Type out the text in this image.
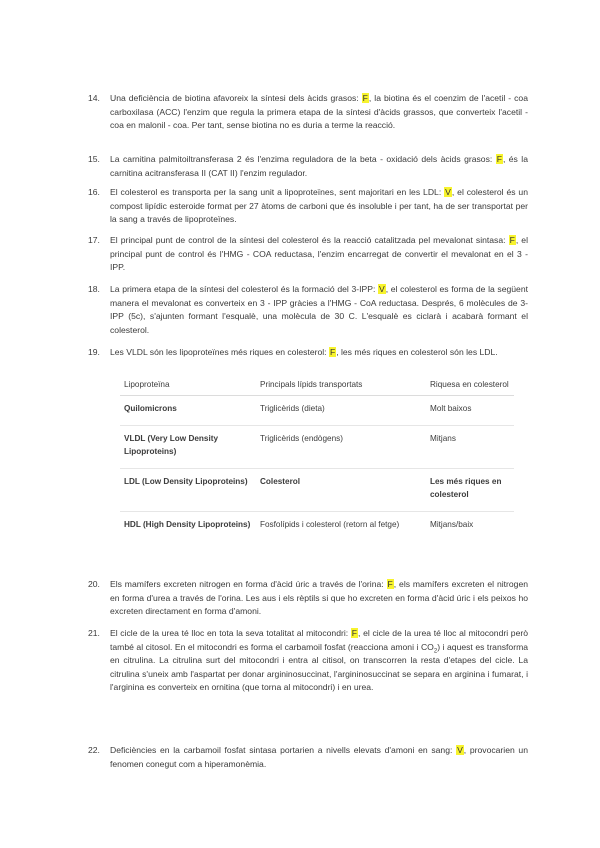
14. Una deficiència de biotina afavoreix la síntesi dels àcids grasos: F, la biotina és el coenzim de l'acetil - coa carboxilasa (ACC) l'enzim que regula la primera etapa de la síntesi d'àcids grassos, que converteix l'acetil - coa en malonil - coa. Per tant, sense biotina no es duria a terme la reacció.
15. La carnitina palmitoiltransferasa 2 és l'enzima reguladora de la beta - oxidació dels àcids grasos: F, és la carnitina acitransferasa II (CAT II) l'enzim regulador.
16. El colesterol es transporta per la sang unit a lipoproteïnes, sent majoritari en les LDL: V, el colesterol és un compost lipídic esteroide format per 27 àtoms de carboni que és insoluble i per tant, ha de ser transportat per la sang a través de lipoproteïnes.
17. El principal punt de control de la síntesi del colesterol és la reacció catalitzada pel mevalonat sintasa: F, el principal punt de control és l'HMG - COA reductasa, l'enzim encarregat de convertir el mevalonat en el 3 - IPP.
18. La primera etapa de la síntesi del colesterol és la formació del 3-IPP: V, el colesterol es forma de la següent manera el mevalonat es converteix en 3 - IPP gràcies a l'HMG - CoA reductasa. Després, 6 molècules de 3- IPP (5c), s'ajunten formant l'esqualè, una molècula de 30 C. L'esqualè es ciclarà i acabarà formant el colesterol.
19. Les VLDL són les lipoproteïnes més riques en colesterol: F, les més riques en colesterol són les LDL.
20. Els mamífers excreten nitrogen en forma d'àcid úric a través de l'orina: F, els mamífers excreten el nitrogen en forma d'urea a través de l'orina. Les aus i els rèptils si que ho excreten en forma d'àcid úric i els peixos ho excreten directament en forma d'amoni.
21. El cicle de la urea té lloc en tota la seva totalitat al mitocondri: F, el cicle de la urea té lloc al mitocondri però també al citosol. En el mitocondri es forma el carbamoil fosfat (reacciona amoni i $CO_2$) i aquest es transforma en citrulina. La citrulina surt del mitocondri i entra al citisol, on transcorren la resta d'etapes del cicle. La citrulina s'uneix amb l'aspartat per donar argininosuccinat, l'argininosuccinat se separa en arginina i fumarat, i l'arginina es converteix en ornitina (que torna al mitocondri) i en urea.
22. Deficiències en la carbamoil fosfat sintasa portarien a nivells elevats d'amoni en sang: V, provocarien un fenomen conegut com a hiperamonèmia.
Lipoproteïna	Principals lípids transportats	Riquesa en colesterol
Quilomicrons	Triglicèrids (dieta)	Molt baixos
VLDL (Very Low Density Lipoproteins)	Triglicèrids (endògens)	Mitjans
LDL (Low Density Lipoproteins)	Colesterol	Les més riques en colesterol
HDL (High Density Lipoproteins)	Fosfolípids i colesterol (retorn al fetge)	Mitjans/baix
